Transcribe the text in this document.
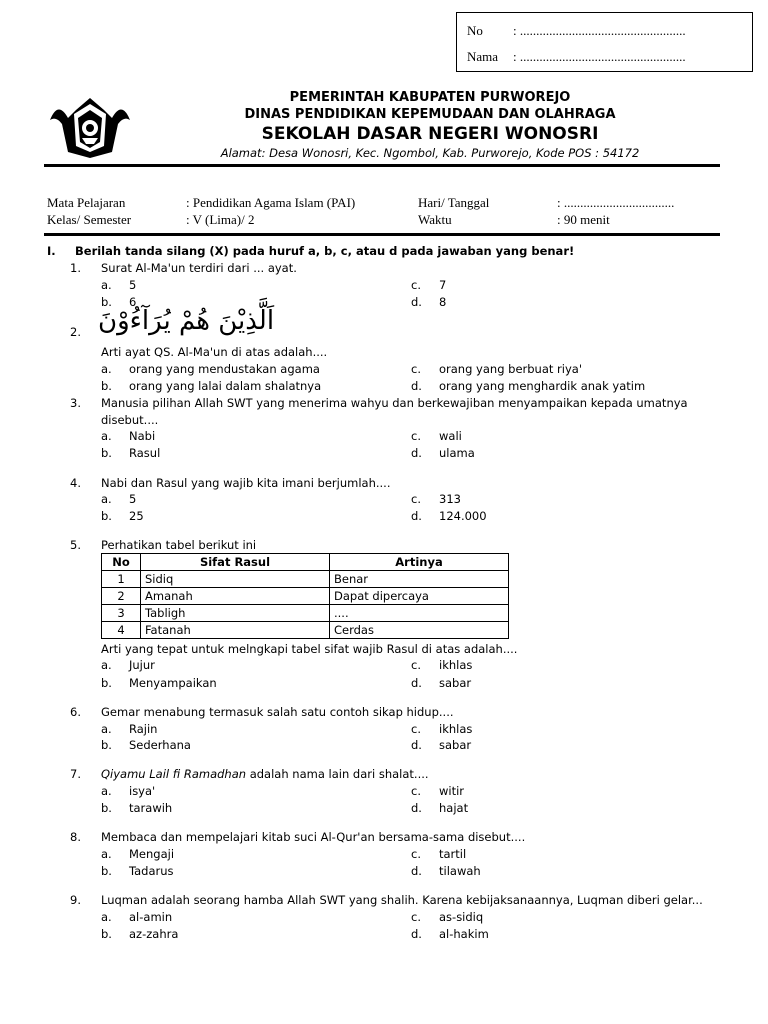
No : ...................................................
Nama : ...................................................
PEMERINTAH KABUPATEN PURWOREJO
DINAS PENDIDIKAN KEPEMUDAAN DAN OLAHRAGA
SEKOLAH DASAR NEGERI WONOSRI
Alamat: Desa Wonosri, Kec. Ngombol, Kab. Purworejo, Kode POS : 54172
Mata Pelajaran	: Pendidikan Agama Islam (PAI)	Hari/ Tanggal	: ..................................
Kelas/ Semester	: V (Lima)/ 2	Waktu	: 90 menit
I. Berilah tanda silang (X) pada huruf a, b, c, atau d pada jawaban yang benar!
1. Surat Al-Ma'un terdiri dari ... ayat.
a. 5	c. 7
b. 6	d. 8
2. اَلَّذِيْنَ هُمْ يُرَآءُوْنَ
Arti ayat QS. Al-Ma'un di atas adalah....
a. orang yang mendustakan agama	c. orang yang berbuat riya'
b. orang yang lalai dalam shalatnya	d. orang yang menghardik anak yatim
3. Manusia pilihan Allah SWT yang menerima wahyu dan berkewajiban menyampaikan kepada umatnya
disebut....
a. Nabi	c. wali
b. Rasul	d. ulama
4. Nabi dan Rasul yang wajib kita imani berjumlah....
a. 5	c. 313
b. 25	d. 124.000
5. Perhatikan tabel berikut ini
No	Sifat Rasul	Artinya
1	Sidiq	Benar
2	Amanah	Dapat dipercaya
3	Tabligh	....
4	Fatanah	Cerdas
Arti yang tepat untuk melngkapi tabel sifat wajib Rasul di atas adalah....
a. Jujur	c. ikhlas
b. Menyampaikan	d. sabar
6. Gemar menabung termasuk salah satu contoh sikap hidup....
a. Rajin	c. ikhlas
b. Sederhana	d. sabar
7. Qiyamu Lail fi Ramadhan adalah nama lain dari shalat....
a. isya'	c. witir
b. tarawih	d. hajat
8. Membaca dan mempelajari kitab suci Al-Qur'an bersama-sama disebut....
a. Mengaji	c. tartil
b. Tadarus	d. tilawah
9. Luqman adalah seorang hamba Allah SWT yang shalih. Karena kebijaksanaannya, Luqman diberi gelar...
a. al-amin	c. as-sidiq
b. az-zahra	d. al-hakim
